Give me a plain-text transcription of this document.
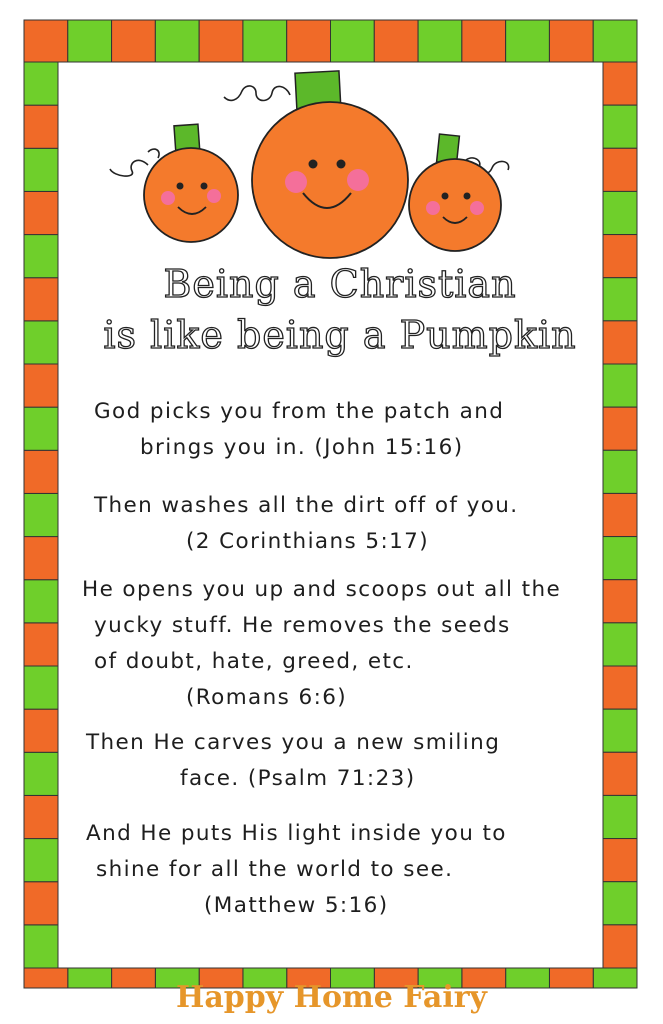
Being a Christian
is like being a Pumpkin
God picks you from the patch and
brings you in. (John 15:16)
Then washes all the dirt off of you.
(2 Corinthians 5:17)
He opens you up and scoops out all the
yucky stuff. He removes the seeds
of doubt, hate, greed, etc.
(Romans 6:6)
Then He carves you a new smiling
face. (Psalm 71:23)
And He puts His light inside you to
shine for all the world to see.
(Matthew 5:16)
Happy Home Fairy
